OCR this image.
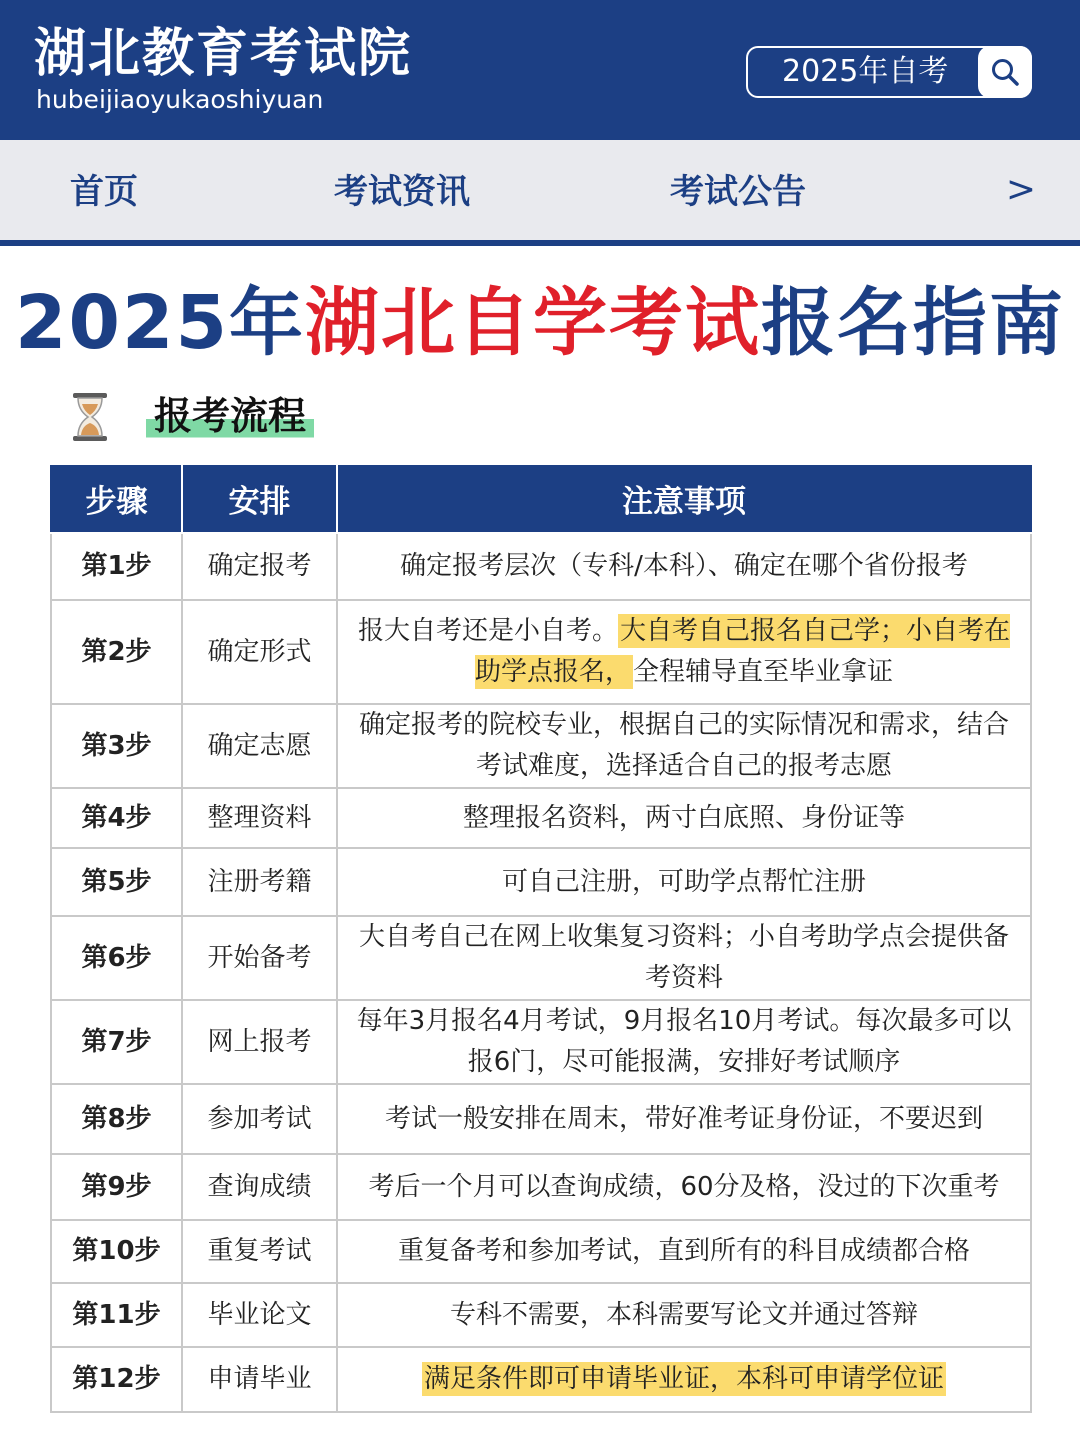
湖北教育考试院
hubeijiaoyukaoshiyuan
2025年自考
首页	考试资讯	考试公告	>
2025年湖北自学考试报名指南
报考流程
步骤	安排	注意事项
第1步	确定报考	确定报考层次（专科/本科）、确定在哪个省份报考
第2步	确定形式	报大自考还是小自考。大自考自己报名自己学；小自考在助学点报名，全程辅导直至毕业拿证
第3步	确定志愿	确定报考的院校专业，根据自己的实际情况和需求，结合考试难度，选择适合自己的报考志愿
第4步	整理资料	整理报名资料，两寸白底照、身份证等
第5步	注册考籍	可自己注册，可助学点帮忙注册
第6步	开始备考	大自考自己在网上收集复习资料；小自考助学点会提供备考资料
第7步	网上报考	每年3月报名4月考试，9月报名10月考试。每次最多可以报6门，尽可能报满，安排好考试顺序
第8步	参加考试	考试一般安排在周末，带好准考证身份证，不要迟到
第9步	查询成绩	考后一个月可以查询成绩，60分及格，没过的下次重考
第10步	重复考试	重复备考和参加考试，直到所有的科目成绩都合格
第11步	毕业论文	专科不需要，本科需要写论文并通过答辩
第12步	申请毕业	满足条件即可申请毕业证，本科可申请学位证
